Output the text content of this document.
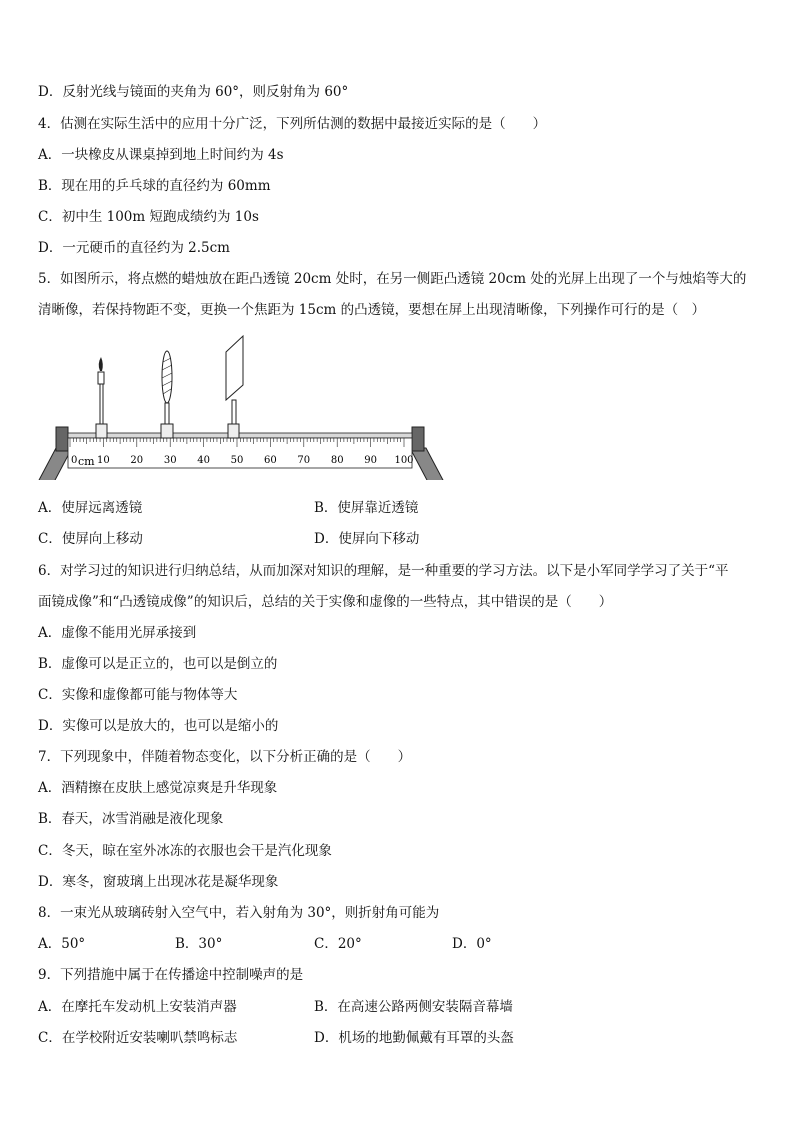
D．反射光线与镜面的夹角为 60°，则反射角为 60°
4．估测在实际生活中的应用十分广泛，下列所估测的数据中最接近实际的是（　　）
A．一块橡皮从课桌掉到地上时间约为 4s
B．现在用的乒乓球的直径约为 60mm
C．初中生 100m 短跑成绩约为 10s
D．一元硬币的直径约为 2.5cm
5．如图所示，将点燃的蜡烛放在距凸透镜 20cm 处时，在另一侧距凸透镜 20cm 处的光屏上出现了一个与烛焰等大的
清晰像，若保持物距不变，更换一个焦距为 15cm 的凸透镜，要想在屏上出现清晰像，下列操作可行的是（　）
0 10 20 30 40 50 60 70 80 90 100
cm
A．使屏远离透镜	B．使屏靠近透镜
C．使屏向上移动	D．使屏向下移动
6．对学习过的知识进行归纳总结，从而加深对知识的理解，是一种重要的学习方法。以下是小军同学学习了关于“平
面镜成像”和“凸透镜成像”的知识后，总结的关于实像和虚像的一些特点，其中错误的是（　　）
A．虚像不能用光屏承接到
B．虚像可以是正立的，也可以是倒立的
C．实像和虚像都可能与物体等大
D．实像可以是放大的，也可以是缩小的
7．下列现象中，伴随着物态变化，以下分析正确的是（　　）
A．酒精擦在皮肤上感觉凉爽是升华现象
B．春天，冰雪消融是液化现象
C．冬天，晾在室外冰冻的衣服也会干是汽化现象
D．寒冬，窗玻璃上出现冰花是凝华现象
8．一束光从玻璃砖射入空气中，若入射角为 30°，则折射角可能为
A．50°	B．30°	C．20°	D．0°
9．下列措施中属于在传播途中控制噪声的是
A．在摩托车发动机上安装消声器	B．在高速公路两侧安装隔音幕墙
C．在学校附近安装喇叭禁鸣标志	D．机场的地勤佩戴有耳罩的头盔
